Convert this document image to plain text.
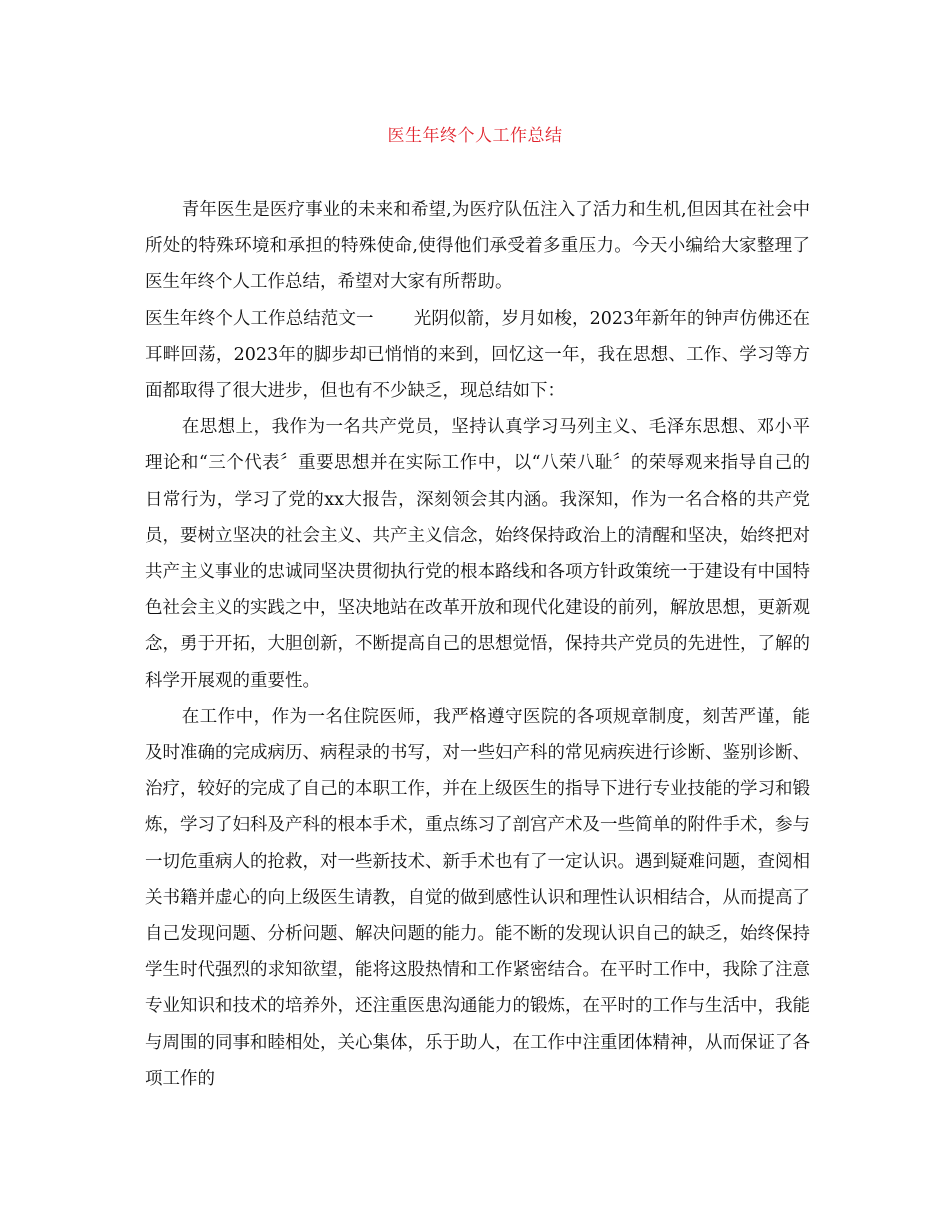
医生年终个人工作总结

青年医生是医疗事业的未来和希望,为医疗队伍注入了活力和生机,但因其在社会中所处的特殊环境和承担的特殊使命,使得他们承受着多重压力。今天小编给大家整理了医生年终个人工作总结，希望对大家有所帮助。

医生年终个人工作总结范文一 光阴似箭，岁月如梭，2023年新年的钟声仿佛还在耳畔回荡，2023年的脚步却已悄悄的来到，回忆这一年，我在思想、工作、学习等方面都取得了很大进步，但也有不少缺乏，现总结如下：

在思想上，我作为一名共产党员，坚持认真学习马列主义、毛泽东思想、邓小平理论和“三个代表〞重要思想并在实际工作中，以“八荣八耻〞的荣辱观来指导自己的日常行为，学习了党的xx大报告，深刻领会其内涵。我深知，作为一名合格的共产党员，要树立坚决的社会主义、共产主义信念，始终保持政治上的清醒和坚决，始终把对共产主义事业的忠诚同坚决贯彻执行党的根本路线和各项方针政策统一于建设有中国特色社会主义的实践之中，坚决地站在改革开放和现代化建设的前列，解放思想，更新观念，勇于开拓，大胆创新，不断提高自己的思想觉悟，保持共产党员的先进性，了解的科学开展观的重要性。

在工作中，作为一名住院医师，我严格遵守医院的各项规章制度，刻苦严谨，能及时准确的完成病历、病程录的书写，对一些妇产科的常见病疾进行诊断、鉴别诊断、治疗，较好的完成了自己的本职工作，并在上级医生的指导下进行专业技能的学习和锻炼，学习了妇科及产科的根本手术，重点练习了剖宫产术及一些简单的附件手术，参与一切危重病人的抢救，对一些新技术、新手术也有了一定认识。遇到疑难问题，查阅相关书籍并虚心的向上级医生请教，自觉的做到感性认识和理性认识相结合，从而提高了自己发现问题、分析问题、解决问题的能力。能不断的发现认识自己的缺乏，始终保持学生时代强烈的求知欲望，能将这股热情和工作紧密结合。在平时工作中，我除了注意专业知识和技术的培养外，还注重医患沟通能力的锻炼，在平时的工作与生活中，我能与周围的同事和睦相处，关心集体，乐于助人，在工作中注重团体精神，从而保证了各项工作的
